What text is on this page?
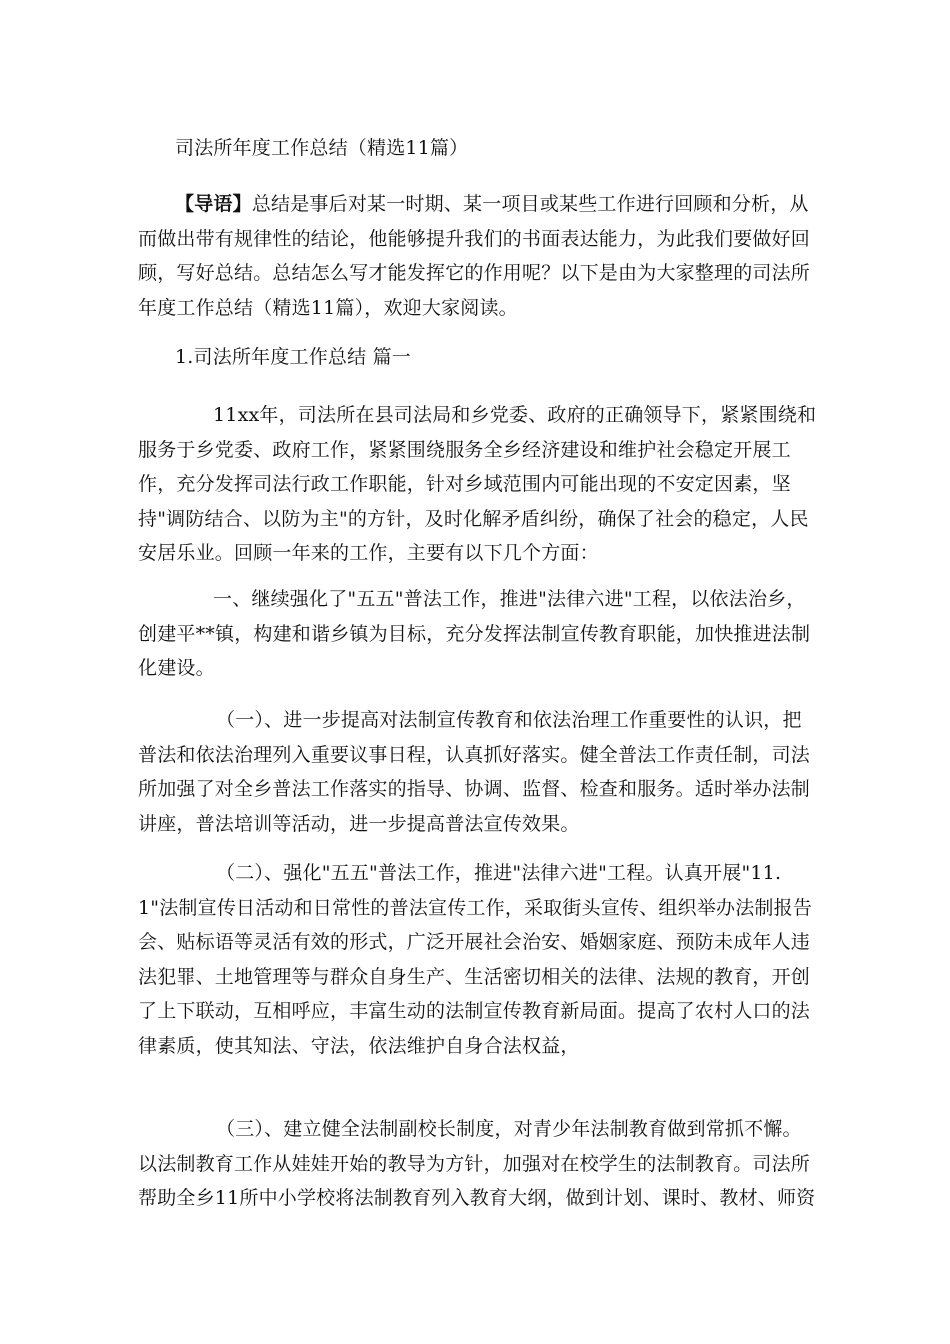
司法所年度工作总结（精选11篇）

【导语】总结是事后对某一时期、某一项目或某些工作进行回顾和分析，从而做出带有规律性的结论，他能够提升我们的书面表达能力，为此我们要做好回顾，写好总结。总结怎么写才能发挥它的作用呢？以下是由为大家整理的司法所年度工作总结（精选11篇），欢迎大家阅读。

1.司法所年度工作总结 篇一

11xx年，司法所在县司法局和乡党委、政府的正确领导下，紧紧围绕和服务于乡党委、政府工作，紧紧围绕服务全乡经济建设和维护社会稳定开展工作，充分发挥司法行政工作职能，针对乡域范围内可能出现的不安定因素，坚持"调防结合、以防为主"的方针，及时化解矛盾纠纷，确保了社会的稳定，人民安居乐业。回顾一年来的工作，主要有以下几个方面：

一、继续强化了"五五"普法工作，推进"法律六进"工程，以依法治乡，创建平**镇，构建和谐乡镇为目标，充分发挥法制宣传教育职能，加快推进法制化建设。

（一）、进一步提高对法制宣传教育和依法治理工作重要性的认识，把普法和依法治理列入重要议事日程，认真抓好落实。健全普法工作责任制，司法所加强了对全乡普法工作落实的指导、协调、监督、检查和服务。适时举办法制讲座，普法培训等活动，进一步提高普法宣传效果。

（二）、强化"五五"普法工作，推进"法律六进"工程。认真开展"11.1"法制宣传日活动和日常性的普法宣传工作，采取街头宣传、组织举办法制报告会、贴标语等灵活有效的形式，广泛开展社会治安、婚姻家庭、预防未成年人违法犯罪、土地管理等与群众自身生产、生活密切相关的法律、法规的教育，开创了上下联动，互相呼应，丰富生动的法制宣传教育新局面。提高了农村人口的法律素质，使其知法、守法，依法维护自身合法权益，

（三）、建立健全法制副校长制度，对青少年法制教育做到常抓不懈。以法制教育工作从娃娃开始的教导为方针，加强对在校学生的法制教育。司法所帮助全乡11所中小学校将法制教育列入教育大纲，做到计划、课时、教材、师资
